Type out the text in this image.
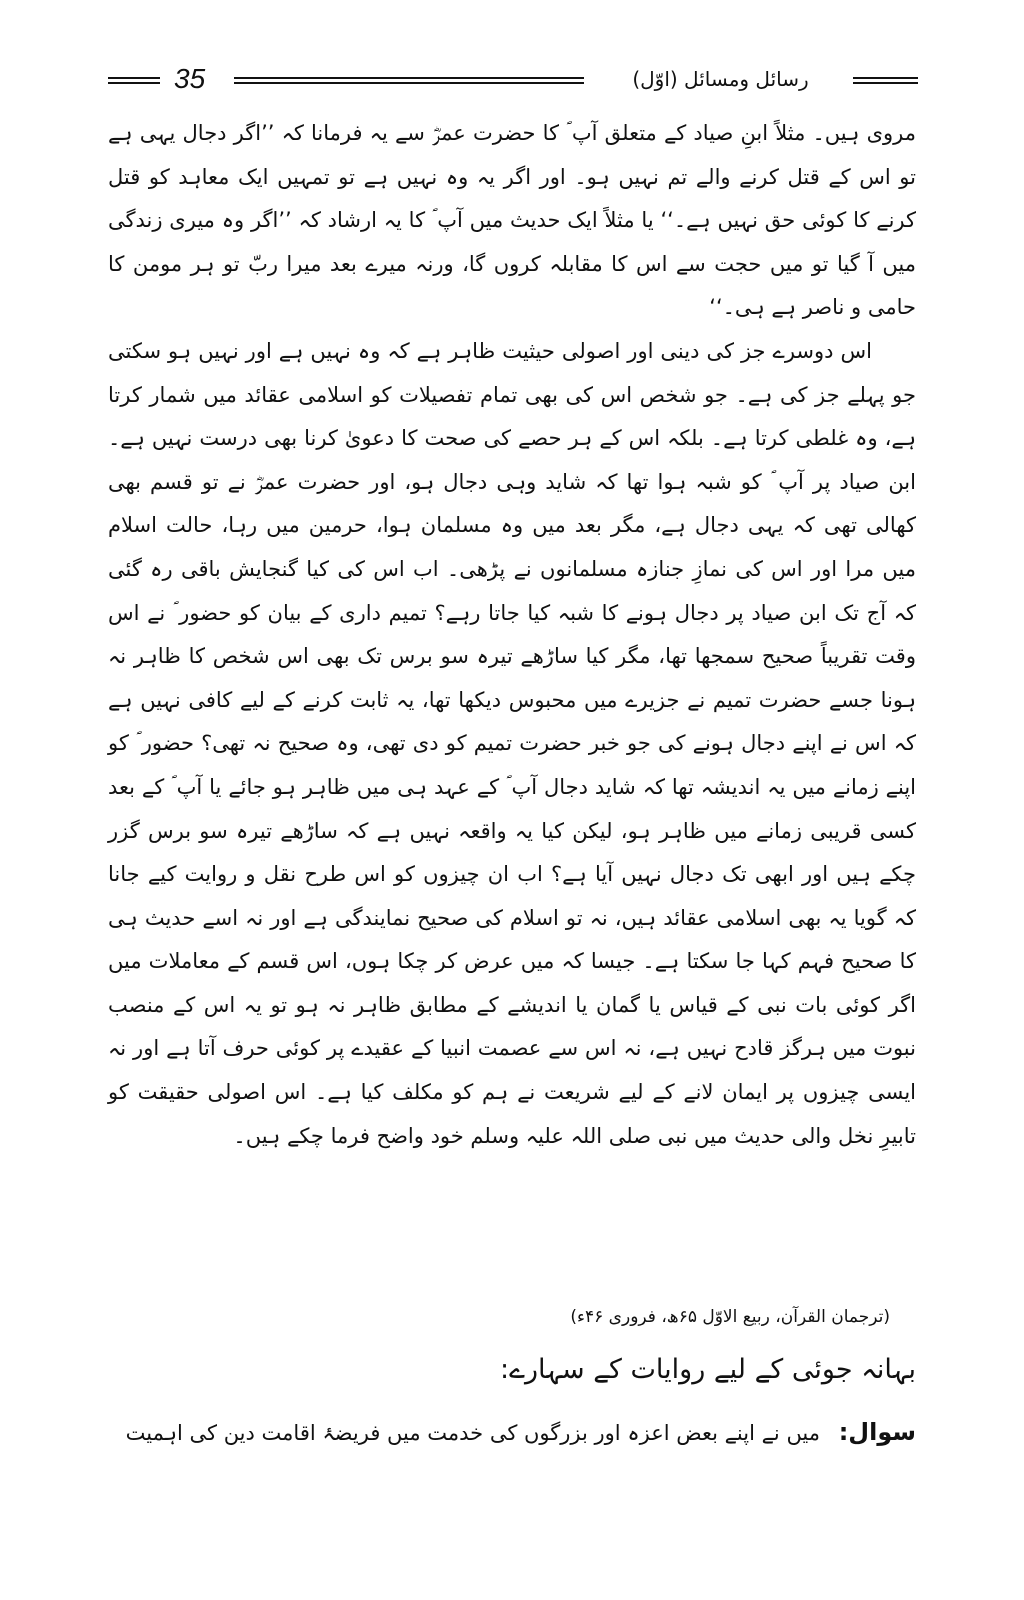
35	رسائل ومسائل (اوّل)

مروی ہیں۔ مثلاً ابنِ صیاد کے متعلق آپ ؐ کا حضرت عمرؓ سے یہ فرمانا کہ ’’اگر دجال یہی ہے تو اس کے قتل کرنے والے تم نہیں ہو۔ اور اگر یہ وہ نہیں ہے تو تمہیں ایک معاہد کو قتل کرنے کا کوئی حق نہیں ہے۔‘‘ یا مثلاً ایک حدیث میں آپ ؐ کا یہ ارشاد کہ ’’اگر وہ میری زندگی میں آ گیا تو میں حجت سے اس کا مقابلہ کروں گا، ورنہ میرے بعد میرا ربّ تو ہر مومن کا حامی و ناصر ہے ہی۔‘‘

اس دوسرے جز کی دینی اور اصولی حیثیت ظاہر ہے کہ وہ نہیں ہے اور نہیں ہو سکتی جو پہلے جز کی ہے۔ جو شخص اس کی بھی تمام تفصیلات کو اسلامی عقائد میں شمار کرتا ہے، وہ غلطی کرتا ہے۔ بلکہ اس کے ہر حصے کی صحت کا دعویٰ کرنا بھی درست نہیں ہے۔ ابن صیاد پر آپ ؐ کو شبہ ہوا تھا کہ شاید وہی دجال ہو، اور حضرت عمرؓ نے تو قسم بھی کھالی تھی کہ یہی دجال ہے، مگر بعد میں وہ مسلمان ہوا، حرمین میں رہا، حالت اسلام میں مرا اور اس کی نمازِ جنازہ مسلمانوں نے پڑھی۔ اب اس کی کیا گنجایش باقی رہ گئی کہ آج تک ابن صیاد پر دجال ہونے کا شبہ کیا جاتا رہے؟ تمیم داری کے بیان کو حضور ؐ نے اس وقت تقریباً صحیح سمجھا تھا، مگر کیا ساڑھے تیرہ سو برس تک بھی اس شخص کا ظاہر نہ ہونا جسے حضرت تمیم نے جزیرے میں محبوس دیکھا تھا، یہ ثابت کرنے کے لیے کافی نہیں ہے کہ اس نے اپنے دجال ہونے کی جو خبر حضرت تمیم کو دی تھی، وہ صحیح نہ تھی؟ حضور ؐ کو اپنے زمانے میں یہ اندیشہ تھا کہ شاید دجال آپ ؐ کے عہد ہی میں ظاہر ہو جائے یا آپ ؐ کے بعد کسی قریبی زمانے میں ظاہر ہو، لیکن کیا یہ واقعہ نہیں ہے کہ ساڑھے تیرہ سو برس گزر چکے ہیں اور ابھی تک دجال نہیں آیا ہے؟ اب ان چیزوں کو اس طرح نقل و روایت کیے جانا کہ گویا یہ بھی اسلامی عقائد ہیں، نہ تو اسلام کی صحیح نمایندگی ہے اور نہ اسے حدیث ہی کا صحیح فہم کہا جا سکتا ہے۔ جیسا کہ میں عرض کر چکا ہوں، اس قسم کے معاملات میں اگر کوئی بات نبی کے قیاس یا گمان یا اندیشے کے مطابق ظاہر نہ ہو تو یہ اس کے منصب نبوت میں ہرگز قادح نہیں ہے، نہ اس سے عصمت انبیا کے عقیدے پر کوئی حرف آتا ہے اور نہ ایسی چیزوں پر ایمان لانے کے لیے شریعت نے ہم کو مکلف کیا ہے۔ اس اصولی حقیقت کو تابیرِ نخل والی حدیث میں نبی صلی اللہ علیہ وسلم خود واضح فرما چکے ہیں۔

(ترجمان القرآن، ربیع الاوّل ۶۵ھ، فروری ۴۶ء)
بہانہ جوئی کے لیے روایات کے سہارے:
سوال: میں نے اپنے بعض اعزہ اور بزرگوں کی خدمت میں فریضۂ اقامت دین کی اہمیت
